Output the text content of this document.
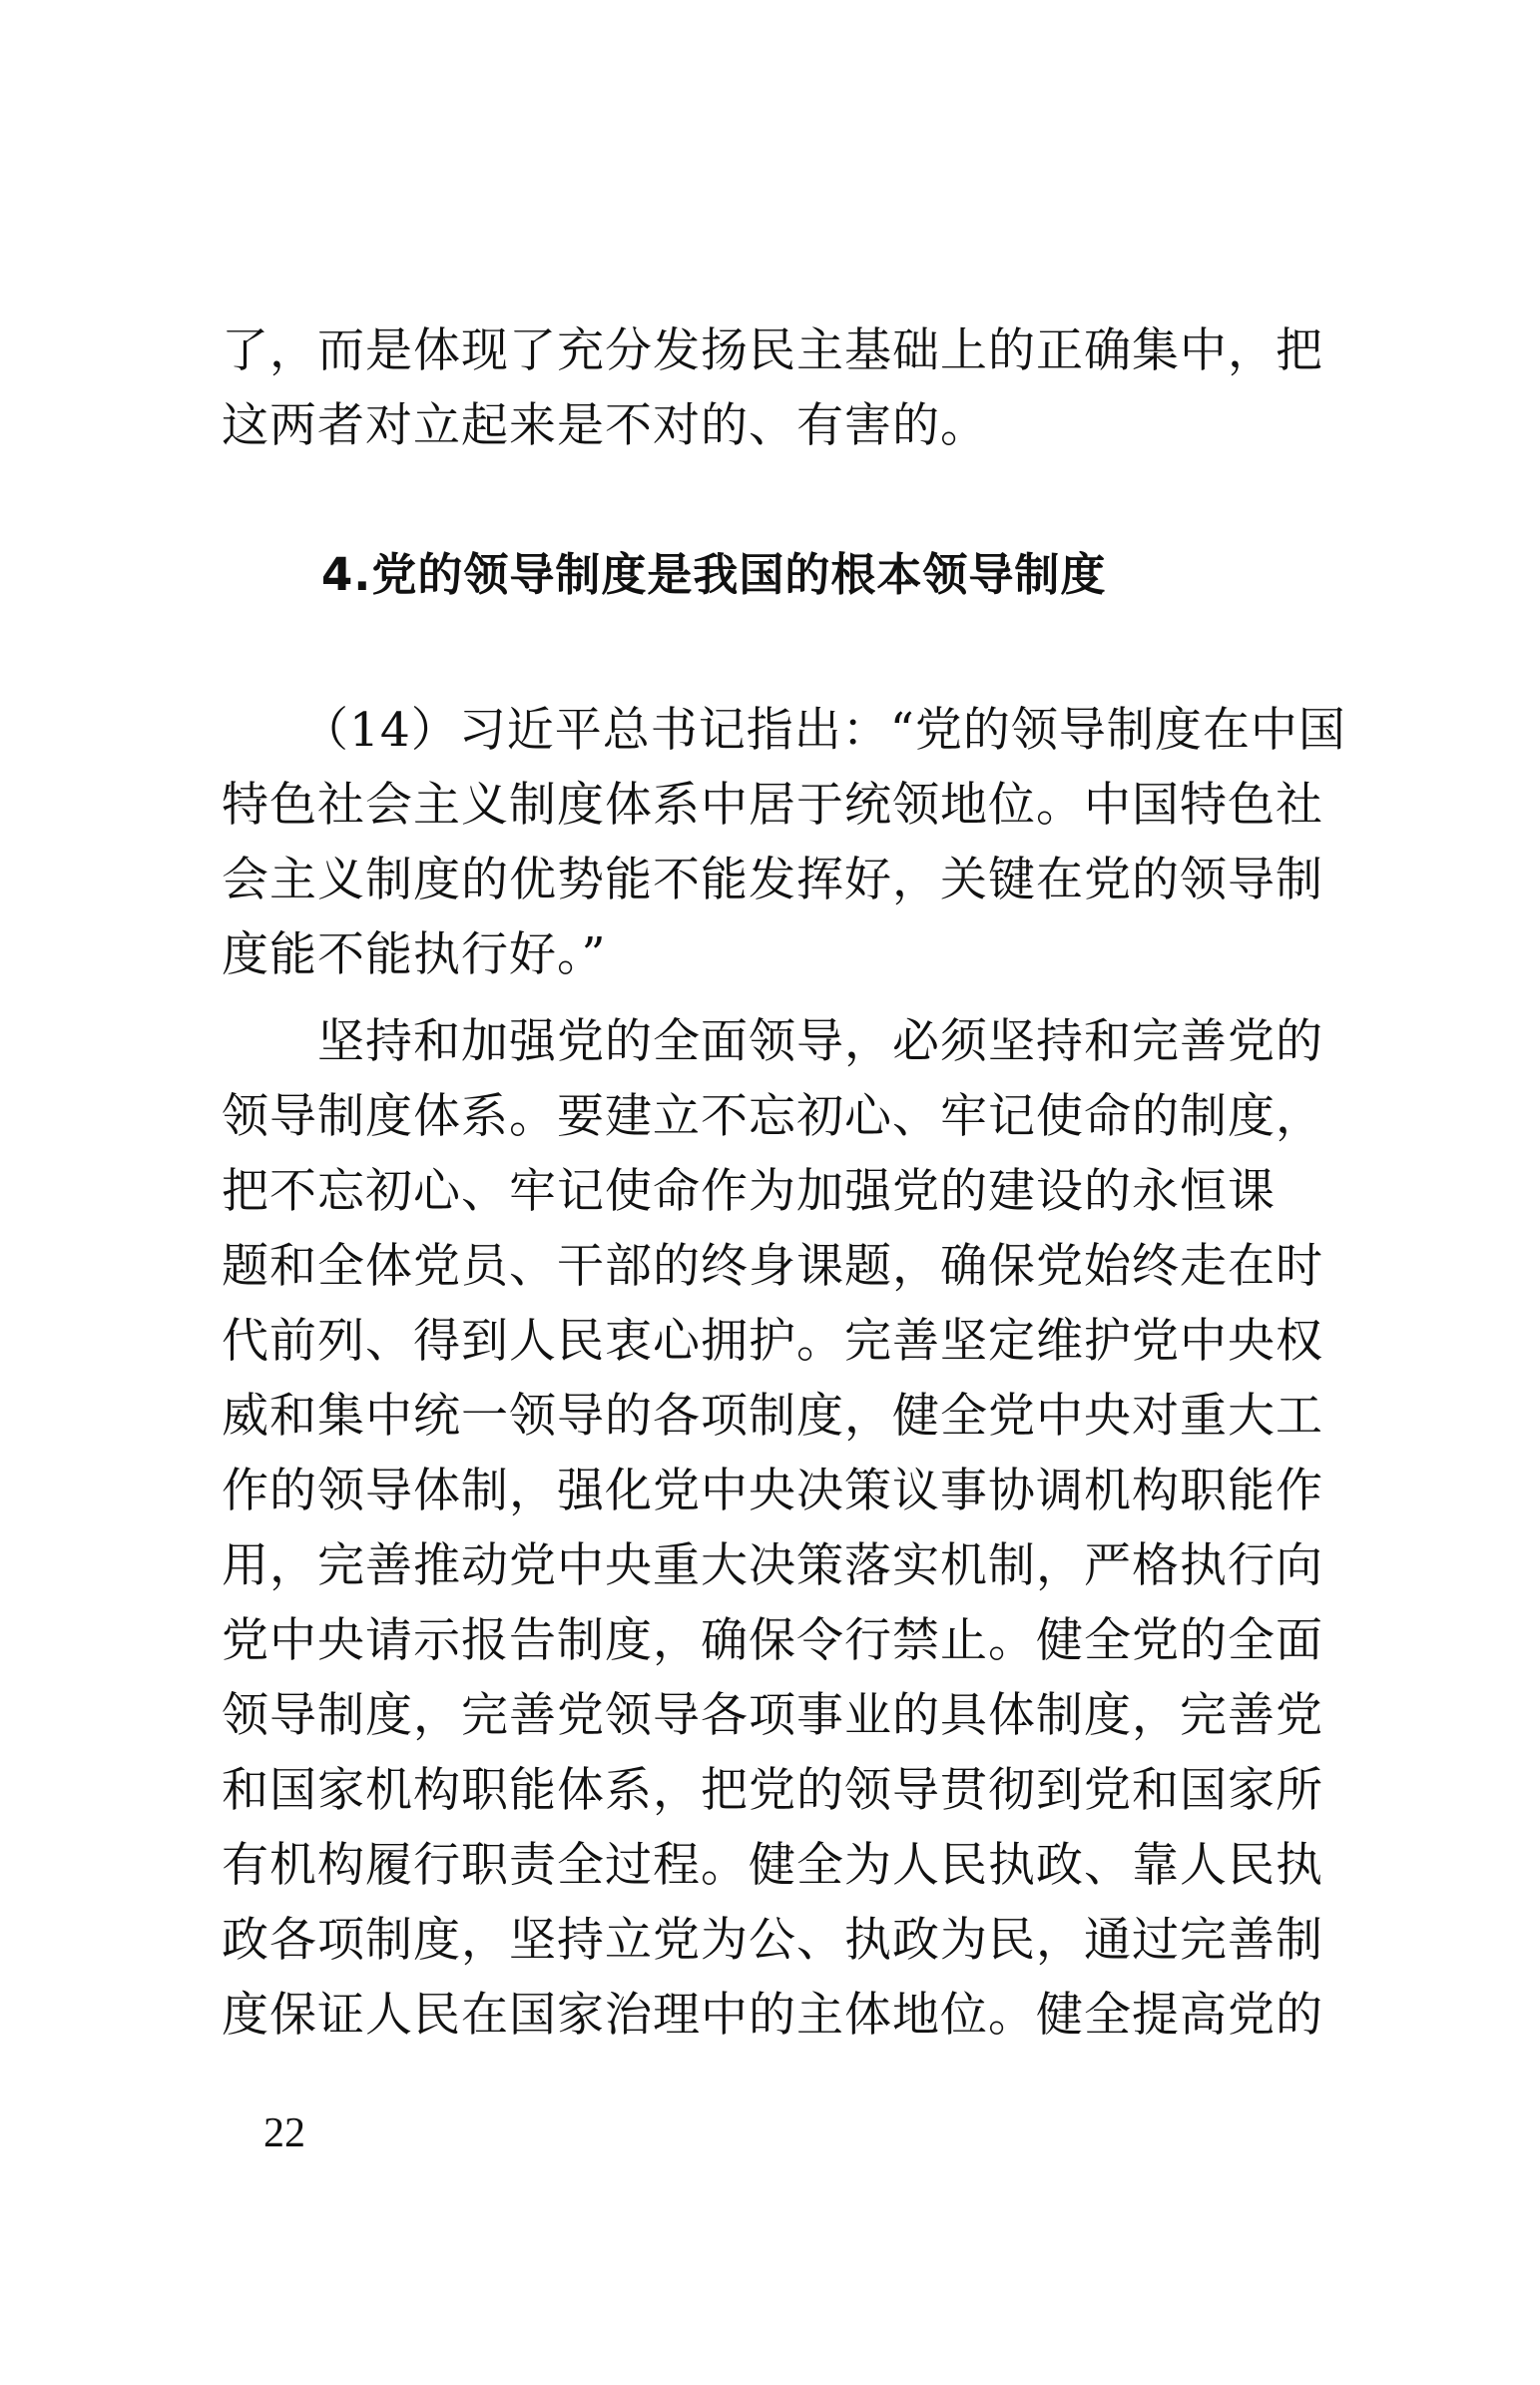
了，而是体现了充分发扬民主基础上的正确集中，把
这两者对立起来是不对的、有害的。
4.党的领导制度是我国的根本领导制度
（14）习近平总书记指出：“党的领导制度在中国
特色社会主义制度体系中居于统领地位。中国特色社
会主义制度的优势能不能发挥好，关键在党的领导制
度能不能执行好。”
坚持和加强党的全面领导，必须坚持和完善党的
领导制度体系。要建立不忘初心、牢记使命的制度，
把不忘初心、牢记使命作为加强党的建设的永恒课
题和全体党员、干部的终身课题，确保党始终走在时
代前列、得到人民衷心拥护。完善坚定维护党中央权
威和集中统一领导的各项制度，健全党中央对重大工
作的领导体制，强化党中央决策议事协调机构职能作
用，完善推动党中央重大决策落实机制，严格执行向
党中央请示报告制度，确保令行禁止。健全党的全面
领导制度，完善党领导各项事业的具体制度，完善党
和国家机构职能体系，把党的领导贯彻到党和国家所
有机构履行职责全过程。健全为人民执政、靠人民执
政各项制度，坚持立党为公、执政为民，通过完善制
度保证人民在国家治理中的主体地位。健全提高党的
22
